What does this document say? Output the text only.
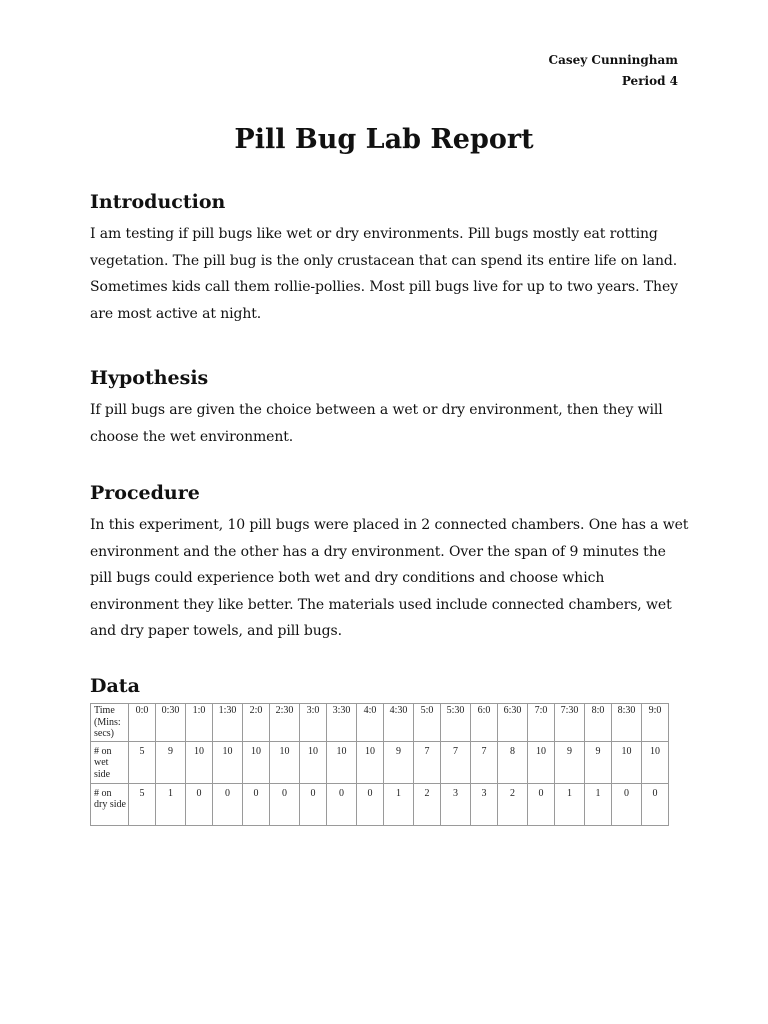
Casey Cunningham
Period 4
Pill Bug Lab Report
Introduction

I am testing if pill bugs like wet or dry environments. Pill bugs mostly eat rotting vegetation. The pill bug is the only crustacean that can spend its entire life on land. Sometimes kids call them rollie-pollies. Most pill bugs live for up to two years. They are most active at night.

Hypothesis

If pill bugs are given the choice between a wet or dry environment, then they will choose the wet environment.

Procedure

In this experiment, 10 pill bugs were placed in 2 connected chambers. One has a wet environment and the other has a dry environment. Over the span of 9 minutes the pill bugs could experience both wet and dry conditions and choose which environment they like better. The materials used include connected chambers, wet and dry paper towels, and pill bugs.

Data
Time (Mins: secs)	0:0	0:30	1:0	1:30	2:0	2:30	3:0	3:30	4:0	4:30	5:0	5:30	6:0	6:30	7:0	7:30	8:0	8:30	9:0
# on wet side	5	9	10	10	10	10	10	10	10	9	7	7	7	8	10	9	9	10	10
# on dry side	5	1	0	0	0	0	0	0	0	1	2	3	3	2	0	1	1	0	0
